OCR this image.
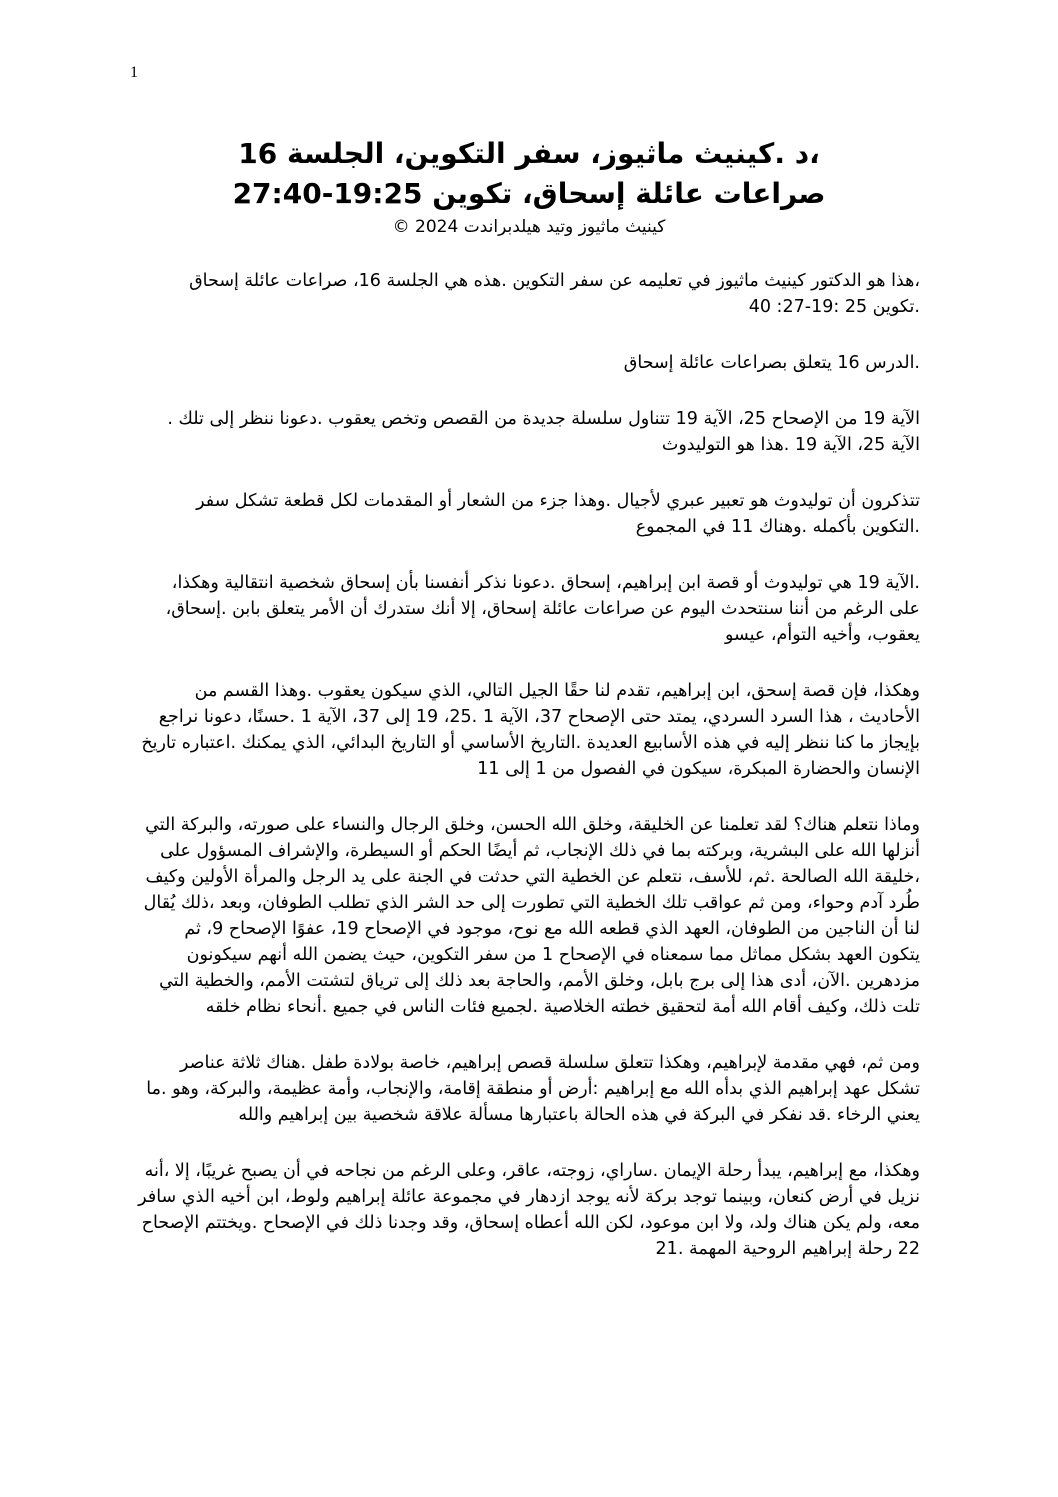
1
،د .كينيث ماثيوز، سفر التكوين، الجلسة 16
صراعات عائلة إسحاق، تكوين 19:25-27:40
كينيث ماثيوز وتيد هيلدبراندت 2024 ©

،هذا هو الدكتور كينيث ماثيوز في تعليمه عن سفر التكوين .هذه هي الجلسة 16، صراعات عائلة إسحاق .تكوين 25 :19-27: 40

.الدرس 16 يتعلق بصراعات عائلة إسحاق

الآية 19 من الإصحاح 25، الآية 19 تتناول سلسلة جديدة من القصص وتخص يعقوب .دعونا ننظر إلى تلك . الآية 25، الآية 19 .هذا هو التوليدوث

تتذكرون أن توليدوث هو تعبير عبري لأجيال .وهذا جزء من الشعار أو المقدمات لكل قطعة تشكل سفر .التكوين بأكمله .وهناك 11 في المجموع

.الآية 19 هي توليدوث أو قصة ابن إبراهيم، إسحاق .دعونا نذكر أنفسنا بأن إسحاق شخصية انتقالية وهكذا، على الرغم من أننا سنتحدث اليوم عن صراعات عائلة إسحاق، إلا أنك ستدرك أن الأمر يتعلق بابن .إسحاق، يعقوب، وأخيه التوأم، عيسو

وهكذا، فإن قصة إسحق، ابن إبراهيم، تقدم لنا حقًا الجيل التالي، الذي سيكون يعقوب .وهذا القسم من الأحاديث ، هذا السرد السردي، يمتد حتى الإصحاح 37، الآية 1 .25، 19 إلى 37، الآية 1 .حسنًا، دعونا نراجع بإيجاز ما كنا ننظر إليه في هذه الأسابيع العديدة .التاريخ الأساسي أو التاريخ البدائي، الذي يمكنك .اعتباره تاريخ الإنسان والحضارة المبكرة، سيكون في الفصول من 1 إلى 11

وماذا نتعلم هناك؟ لقد تعلمنا عن الخليقة، وخلق الله الحسن، وخلق الرجال والنساء على صورته، والبركة التي أنزلها الله على البشرية، وبركته بما في ذلك الإنجاب، ثم أيضًا الحكم أو السيطرة، والإشراف المسؤول على ،خليقة الله الصالحة .ثم، للأسف، نتعلم عن الخطية التي حدثت في الجنة على يد الرجل والمرأة الأولين وكيف طُرد آدم وحواء، ومن ثم عواقب تلك الخطية التي تطورت إلى حد الشر الذي تطلب الطوفان، وبعد ،ذلك يُقال لنا أن الناجين من الطوفان، العهد الذي قطعه الله مع نوح، موجود في الإصحاح 19، عفوًا الإصحاح 9، ثم يتكون العهد بشكل مماثل مما سمعناه في الإصحاح 1 من سفر التكوين، حيث يضمن الله أنهم سيكونون مزدهرين .الآن، أدى هذا إلى برج بابل، وخلق الأمم، والحاجة بعد ذلك إلى ترياق لتشتت الأمم، والخطية التي تلت ذلك، وكيف أقام الله أمة لتحقيق خطته الخلاصية .لجميع فئات الناس في جميع .أنحاء نظام خلقه

ومن ثم، فهي مقدمة لإبراهيم، وهكذا تتعلق سلسلة قصص إبراهيم، خاصة بولادة طفل .هناك ثلاثة عناصر تشكل عهد إبراهيم الذي بدأه الله مع إبراهيم :أرض أو منطقة إقامة، والإنجاب، وأمة عظيمة، والبركة، وهو .ما يعني الرخاء .قد نفكر في البركة في هذه الحالة باعتبارها مسألة علاقة شخصية بين إبراهيم والله

وهكذا، مع إبراهيم، يبدأ رحلة الإيمان .ساراي، زوجته، عاقر، وعلى الرغم من نجاحه في أن يصبح غريبًا، إلا ،أنه نزيل في أرض كنعان، وبينما توجد بركة لأنه يوجد ازدهار في مجموعة عائلة إبراهيم ولوط، ابن أخيه الذي سافر معه، ولم يكن هناك ولد، ولا ابن موعود، لكن الله أعطاه إسحاق، وقد وجدنا ذلك في الإصحاح .ويختتم الإصحاح 22 رحلة إبراهيم الروحية المهمة .21
